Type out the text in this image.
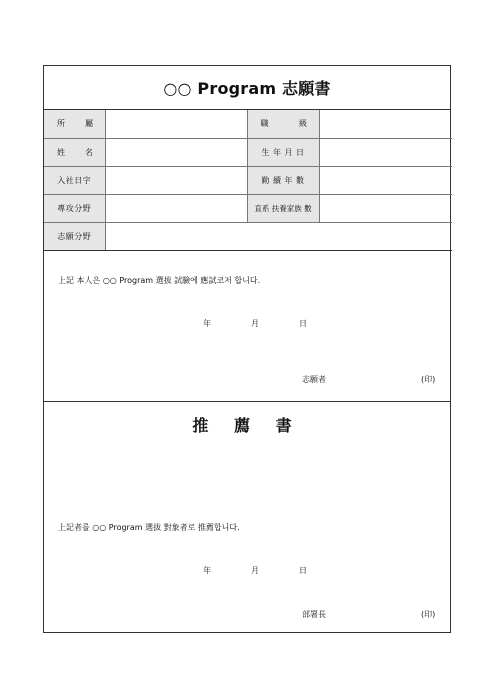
○○ Program 志願書
所 屬		職 級	

姓 名		生 年 月 日	
入社日字		勤 續 年 數	
專攻分野		直系 扶養家族 數	
志願分野			
上記 本人은 ○○ Program 選拔 試驗에 應試코저 합니다.
年	月	日
志願者	(印)
推 薦 書
上記者를 ○○ Program 選拔 對象者로 推薦합니다.
年	月	日
部署長	(印)
